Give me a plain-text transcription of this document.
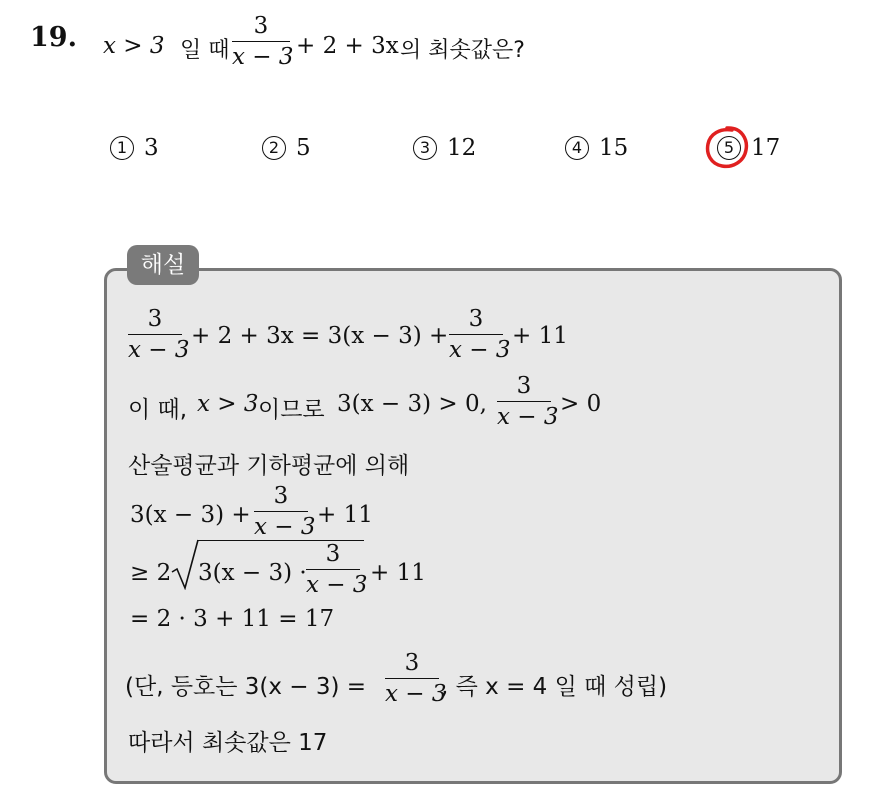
19. x > 3 일 때
3
x − 3 + 2 + 3x 의 최솟값은?
1 3	2 5	3 12	4 15	5 17
해설
3
x − 3
+ 2 + 3x = 3(x − 3) +
3
x − 3
+ 11
이 때, x > 3 이므로 3(x − 3) > 0,
3
x − 3 > 0
산술평균과 기하평균에 의해
3(x − 3) +
3
x − 3 + 11
≥ 2 3(x − 3) ·
3
x − 3 + 11
= 2 · 3 + 11 = 17
(단, 등호는 3(x − 3) =
3
x − 3
, 즉 x = 4 일 때 성립)
따라서 최솟값은 17
